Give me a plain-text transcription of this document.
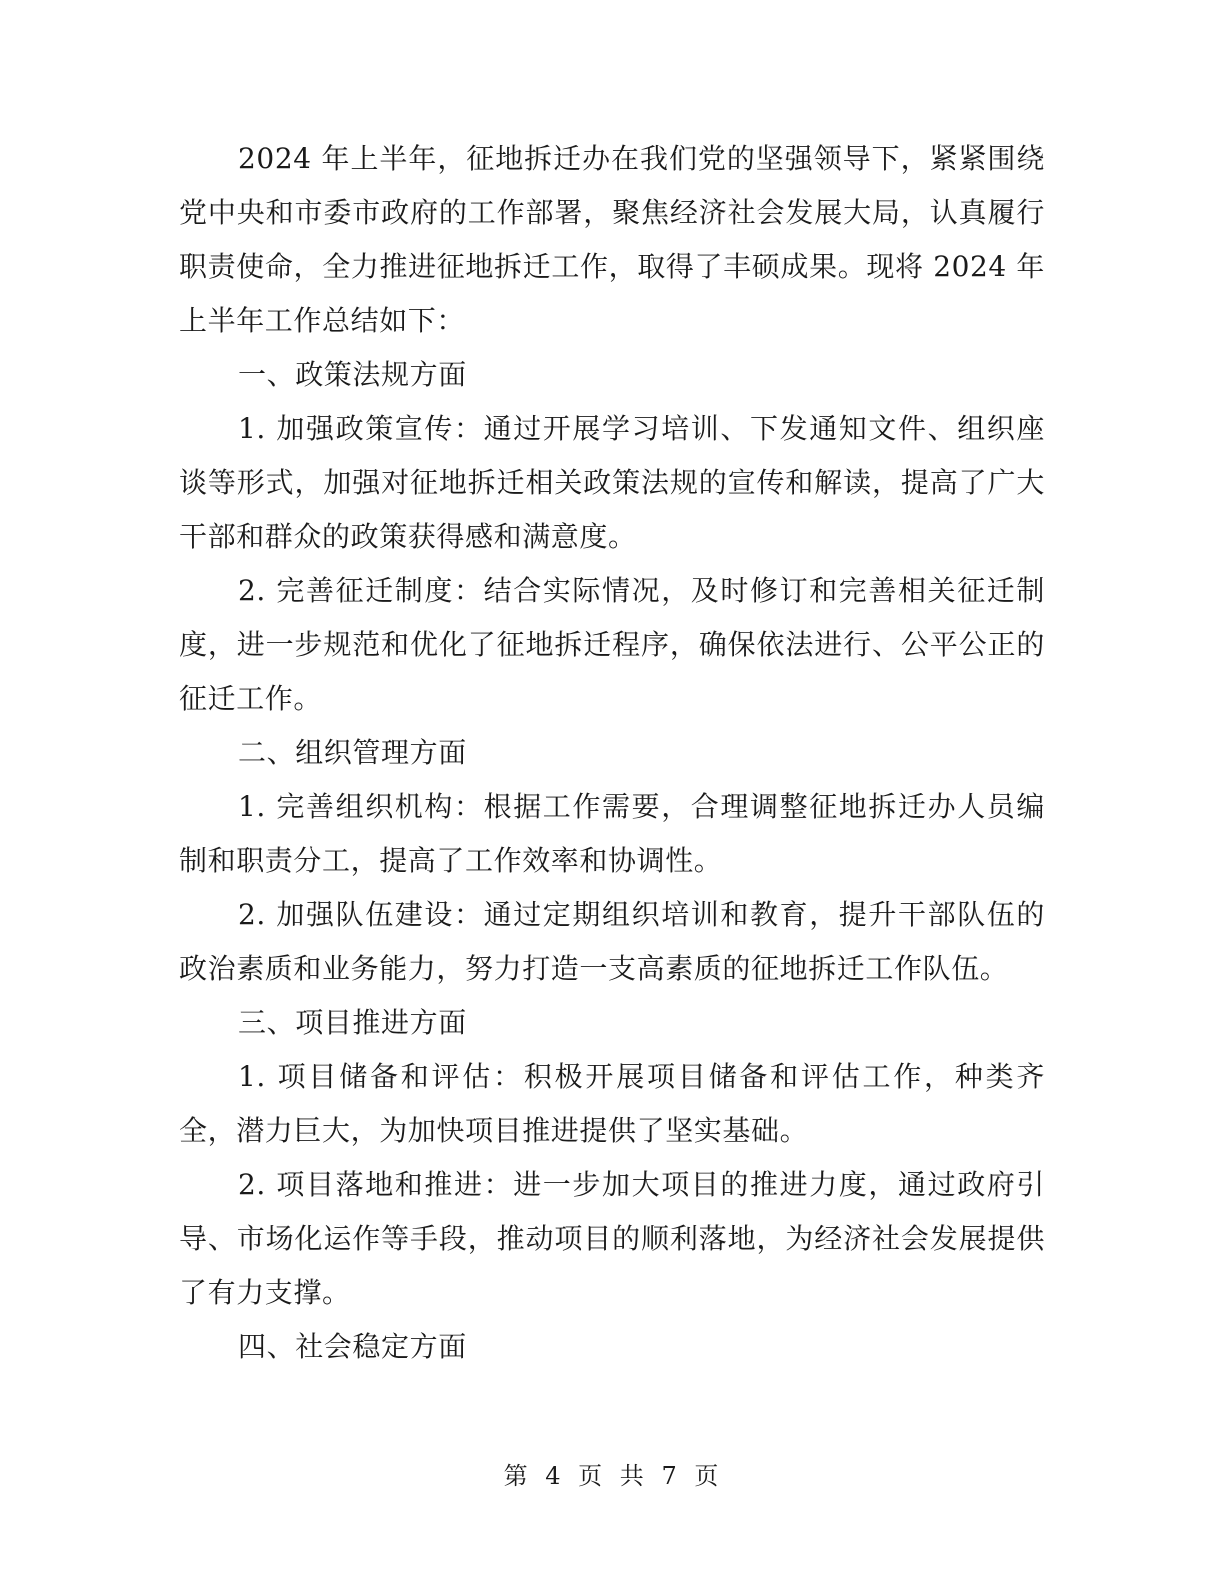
2024 年上半年，征地拆迁办在我们党的坚强领导下，紧紧围绕党中央和市委市政府的工作部署，聚焦经济社会发展大局，认真履行职责使命，全力推进征地拆迁工作，取得了丰硕成果。现将 2024 年上半年工作总结如下：

一、政策法规方面

1. 加强政策宣传：通过开展学习培训、下发通知文件、组织座谈等形式，加强对征地拆迁相关政策法规的宣传和解读，提高了广大干部和群众的政策获得感和满意度。

2. 完善征迁制度：结合实际情况，及时修订和完善相关征迁制度，进一步规范和优化了征地拆迁程序，确保依法进行、公平公正的征迁工作。

二、组织管理方面

1. 完善组织机构：根据工作需要，合理调整征地拆迁办人员编制和职责分工，提高了工作效率和协调性。

2. 加强队伍建设：通过定期组织培训和教育，提升干部队伍的政治素质和业务能力，努力打造一支高素质的征地拆迁工作队伍。

三、项目推进方面

1. 项目储备和评估：积极开展项目储备和评估工作，种类齐全，潜力巨大，为加快项目推进提供了坚实基础。

2. 项目落地和推进：进一步加大项目的推进力度，通过政府引导、市场化运作等手段，推动项目的顺利落地，为经济社会发展提供了有力支撑。

四、社会稳定方面

第 4 页 共 7 页
